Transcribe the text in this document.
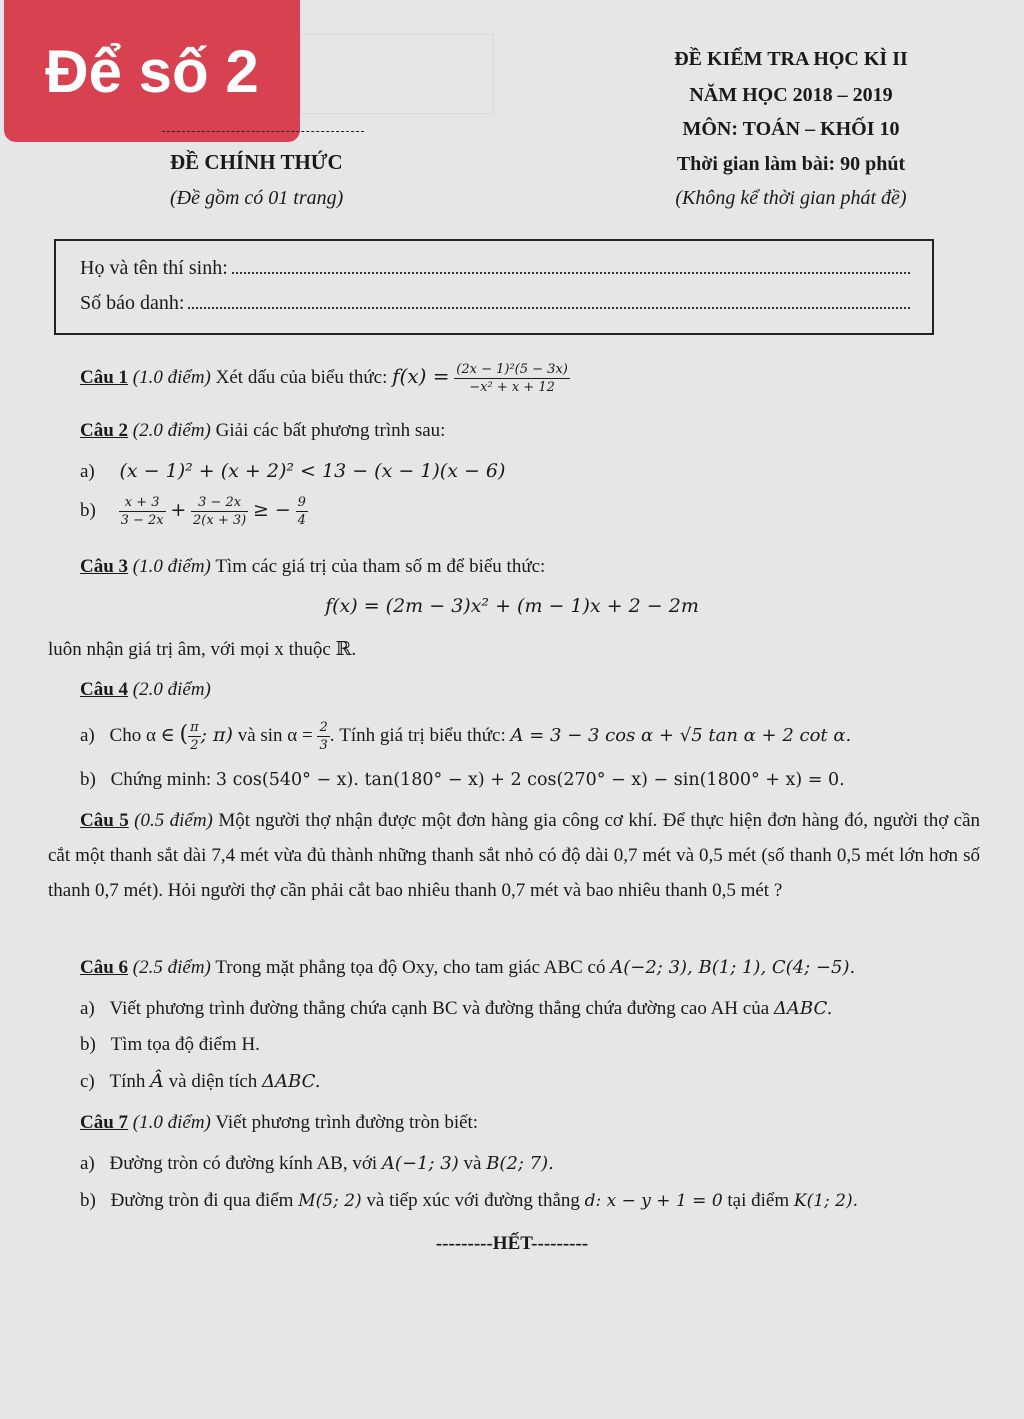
Để số 2
ĐỀ CHÍNH THỨC
(Đề gồm có 01 trang)
ĐỀ KIỂM TRA HỌC KÌ II
NĂM HỌC 2018 – 2019
MÔN: TOÁN – KHỐI 10
Thời gian làm bài: 90 phút
(Không kể thời gian phát đề)
Họ và tên thí sinh:
Số báo danh:
Câu 1 (1.0 điểm) Xét dấu của biểu thức: $f(x) = \frac{\text{(2x − 1)²(5 − 3x)}}{\text{−x² + x + 12}}$
Câu 2 (2.0 điểm) Giải các bất phương trình sau:
a) (x − 1)² + (x + 2)² < 13 − (x − 1)(x − 6)
$b) \frac{x + 3}{3 - 2x} + \frac{3 - 2x}{2(x + 3)}$ ≥ − $\frac{9}{4}$
Câu 3 (1.0 điểm) Tìm các giá trị của tham số m để biểu thức:
f(x) = (2m − 3)x² + (m − 1)x + 2 − 2m
luôn nhận giá trị âm, với mọi x thuộc ℝ.
Câu 4 (2.0 điểm)
a) Cho α ∈ ( $\frac{\pi}{2}$ ; π) và $\sin \alpha = \frac{2}{3}$ . Tính giá trị biểu thức: A = 3 − 3 cos α + √5 tan α + 2 cot α.
b) Chứng minh: 3 cos(540° − x). tan(180° − x) + 2 cos(270° − x) − sin(1800° + x) = 0.
Câu 5 (0.5 điểm) Một người thợ nhận được một đơn hàng gia công cơ khí. Để thực hiện đơn hàng đó, người thợ cần cắt một thanh sắt dài 7,4 mét vừa đủ thành những thanh sắt nhỏ có độ dài 0,7 mét và 0,5 mét (số thanh 0,5 mét lớn hơn số thanh 0,7 mét). Hỏi người thợ cần phải cắt bao nhiêu thanh 0,7 mét và bao nhiêu thanh 0,5 mét ?
Câu 6 (2.5 điểm) Trong mặt phẳng tọa độ Oxy, cho tam giác ABC có A(−2; 3), B(1; 1), C(4; −5).
a) Viết phương trình đường thẳng chứa cạnh BC và đường thẳng chứa đường cao AH của ΔABC.
b) Tìm tọa độ điểm H.
c) Tính Â và diện tích ΔABC.
Câu 7 (1.0 điểm) Viết phương trình đường tròn biết:
a) Đường tròn có đường kính AB, với A(−1; 3) và B(2; 7).
b) Đường tròn đi qua điểm M(5; 2) và tiếp xúc với đường thẳng d: x − y + 1 = 0 tại điểm K(1; 2).
---------HẾT---------
